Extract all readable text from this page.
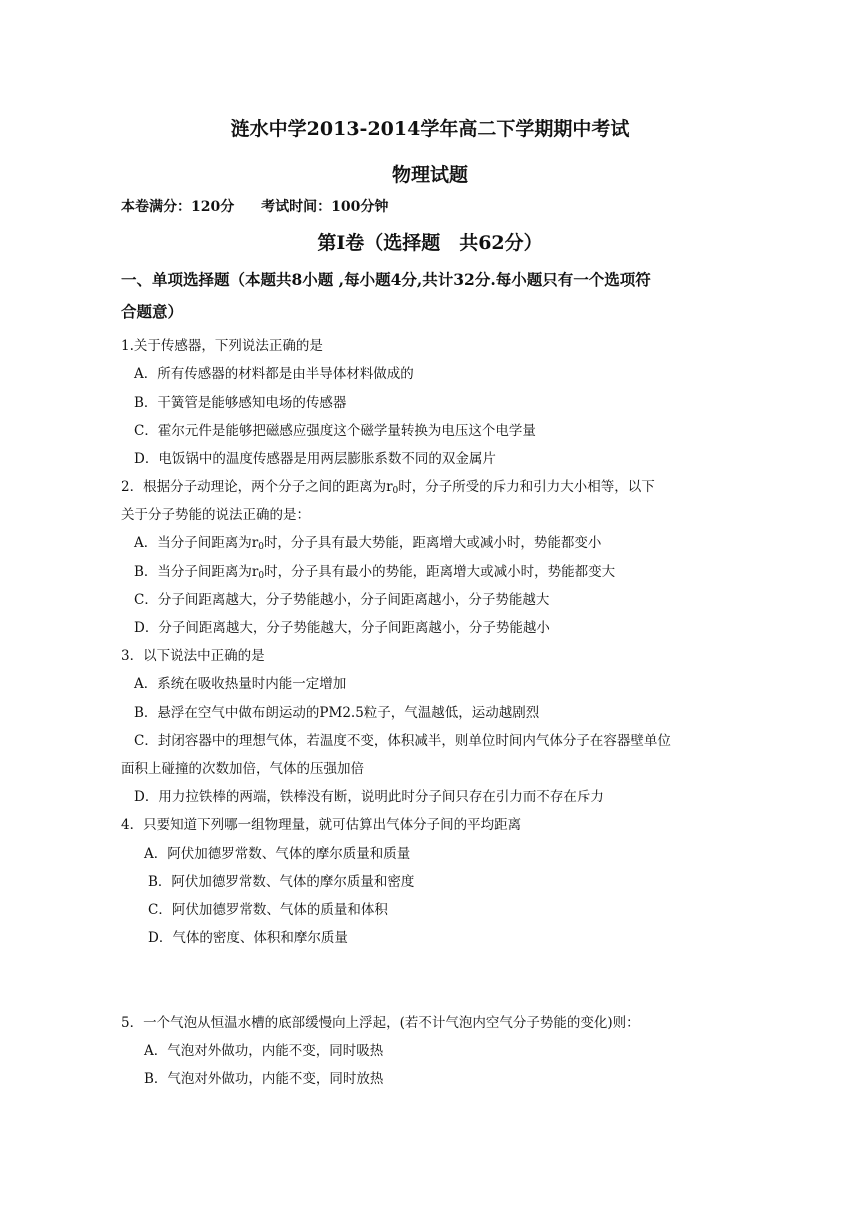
涟水中学2013-2014学年高二下学期期中考试
物理试题
本卷满分：120分 考试时间：100分钟
第Ⅰ卷（选择题　共62分）
一、单项选择题（本题共8小题 ,每小题4分,共计32分.每小题只有一个选项符
合题意）
1.关于传感器，下列说法正确的是
A．所有传感器的材料都是由半导体材料做成的
B．干簧管是能够感知电场的传感器
C．霍尔元件是能够把磁感应强度这个磁学量转换为电压这个电学量
D．电饭锅中的温度传感器是用两层膨胀系数不同的双金属片
2．根据分子动理论，两个分子之间的距离为$r_0$时，分子所受的斥力和引力大小相等，以下
关于分子势能的说法正确的是：
A．当分子间距离为$r_0$时，分子具有最大势能，距离增大或减小时，势能都变小
B．当分子间距离为$r_0$时，分子具有最小的势能，距离增大或减小时，势能都变大
C．分子间距离越大，分子势能越小，分子间距离越小，分子势能越大
D．分子间距离越大，分子势能越大，分子间距离越小，分子势能越小
3．以下说法中正确的是
A．系统在吸收热量时内能一定增加
B．悬浮在空气中做布朗运动的PM2.5粒子，气温越低，运动越剧烈
C．封闭容器中的理想气体，若温度不变，体积减半，则单位时间内气体分子在容器壁单位
面积上碰撞的次数加倍，气体的压强加倍
D．用力拉铁棒的两端，铁棒没有断，说明此时分子间只存在引力而不存在斥力
4．只要知道下列哪一组物理量，就可估算出气体分子间的平均距离
A．阿伏加德罗常数、气体的摩尔质量和质量
B．阿伏加德罗常数、气体的摩尔质量和密度
C．阿伏加德罗常数、气体的质量和体积
D．气体的密度、体积和摩尔质量
5．一个气泡从恒温水槽的底部缓慢向上浮起，(若不计气泡内空气分子势能的变化)则：
A．气泡对外做功，内能不变，同时吸热
B．气泡对外做功，内能不变，同时放热
